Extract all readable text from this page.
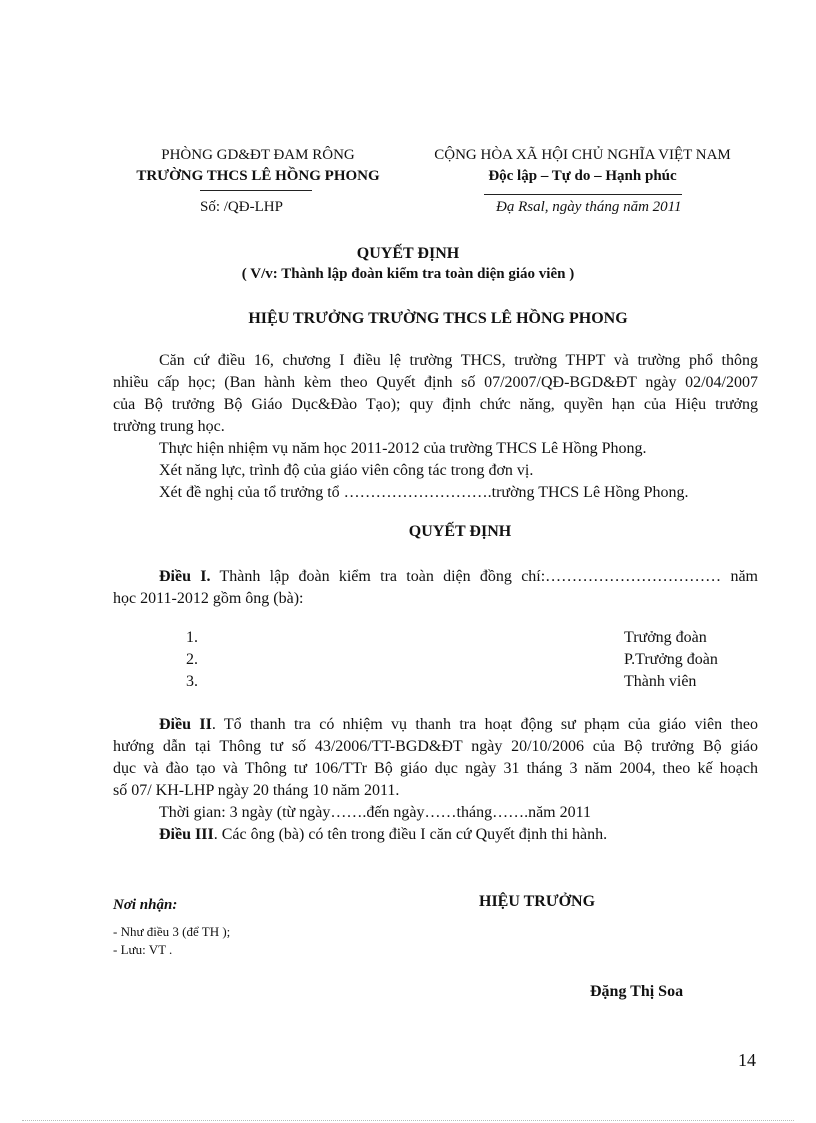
PHÒNG GD&ĐT ĐAM RÔNG
TRƯỜNG THCS LÊ HỒNG PHONG
Số: /QĐ-LHP
CỘNG HÒA XÃ HỘI CHỦ NGHĨA VIỆT NAM
Độc lập – Tự do – Hạnh phúc
Đạ Rsal, ngày tháng năm 2011
QUYẾT ĐỊNH
( V/v: Thành lập đoàn kiểm tra toàn diện giáo viên )
HIỆU TRƯỞNG TRƯỜNG THCS LÊ HỒNG PHONG
Căn cứ điều 16, chương I điều lệ trường THCS, trường THPT và trường phổ thông
nhiều cấp học; (Ban hành kèm theo Quyết định số 07/2007/QĐ-BGD&ĐT ngày 02/04/2007
của Bộ trưởng Bộ Giáo Dục&Đào Tạo); quy định chức năng, quyền hạn của Hiệu trưởng
trường trung học.
Thực hiện nhiệm vụ năm học 2011-2012 của trường THCS Lê Hồng Phong.
Xét năng lực, trình độ của giáo viên công tác trong đơn vị.
Xét đề nghị của tổ trưởng tổ ……………………….trường THCS Lê Hồng Phong.
QUYẾT ĐỊNH
Điều I. Thành lập đoàn kiểm tra toàn diện đồng chí:…………………………… năm
học 2011-2012 gồm ông (bà):
1.	Trưởng đoàn
2.	P.Trưởng đoàn
3.	Thành viên
Điều II. Tổ thanh tra có nhiệm vụ thanh tra hoạt động sư phạm của giáo viên theo
hướng dẫn tại Thông tư số 43/2006/TT-BGD&ĐT ngày 20/10/2006 của Bộ trưởng Bộ giáo
dục và đào tạo và Thông tư 106/TTr Bộ giáo dục ngày 31 tháng 3 năm 2004, theo kế hoạch
số 07/ KH-LHP ngày 20 tháng 10 năm 2011.
Thời gian: 3 ngày (từ ngày…….đến ngày……tháng…….năm 2011
Điều III. Các ông (bà) có tên trong điều I căn cứ Quyết định thi hành.
Nơi nhận:
- Như điều 3 (để TH );
- Lưu: VT .
HIỆU TRƯỞNG
Đặng Thị Soa
14
